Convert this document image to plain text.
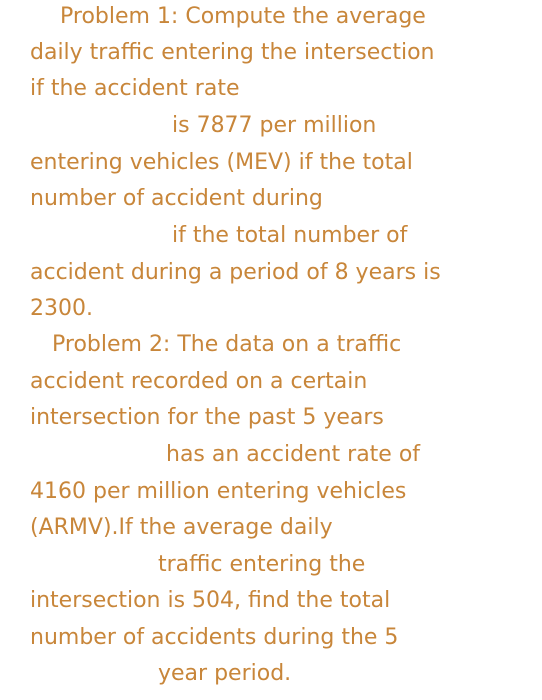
Problem 1: Compute the average

daily traffic entering the intersection

if the accident rate

is 7877 per million

entering vehicles (MEV) if the total

number of accident during

if the total number of

accident during a period of 8 years is

2300.

Problem 2: The data on a traffic

accident recorded on a certain

intersection for the past 5 years

has an accident rate of

4160 per million entering vehicles

(ARMV).If the average daily

traffic entering the

intersection is 504, find the total

number of accidents during the 5

year period.
